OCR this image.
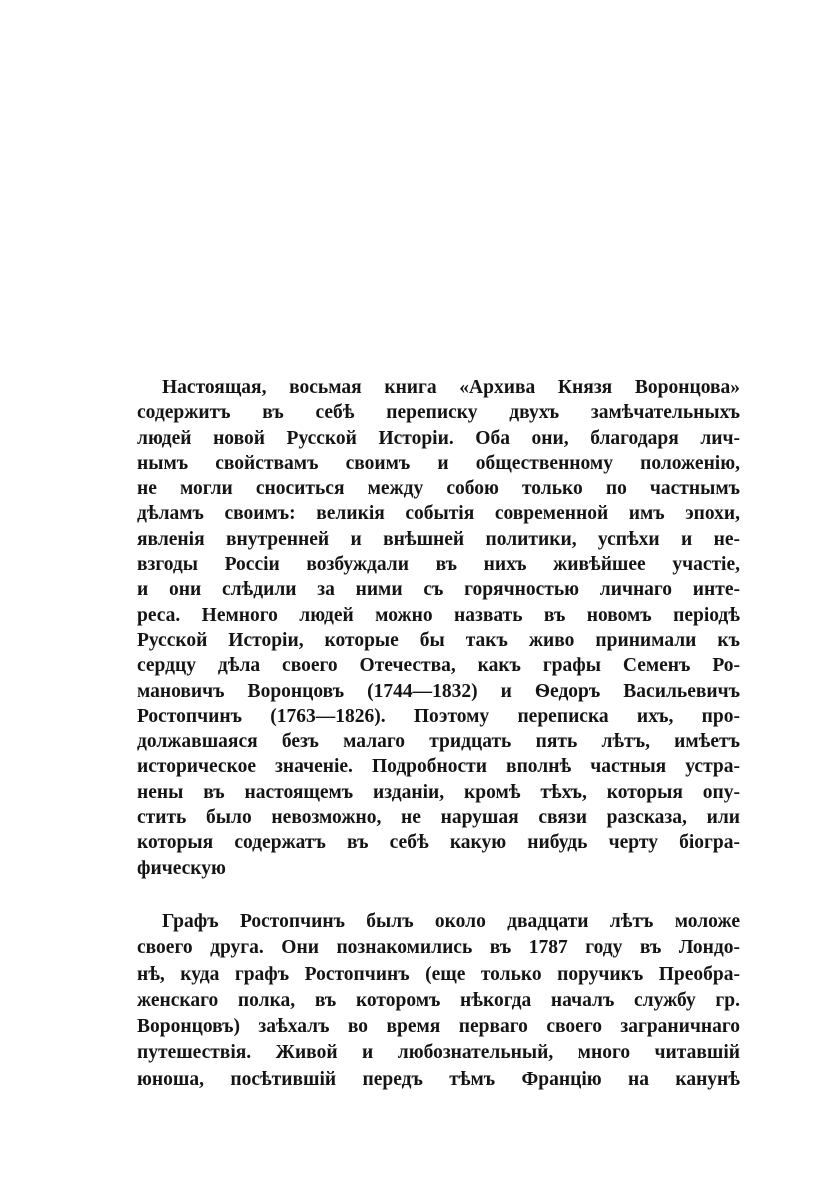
Настоящая, восьмая книга «Архива Князя Воронцова»
содержитъ въ себѣ переписку двухъ замѣчательныхъ
людей новой Русской Исторіи. Оба они, благодаря лич-
нымъ свойствамъ своимъ и общественному положенію,
не могли сноситься между собою только по частнымъ
дѣламъ своимъ: великія событія современной имъ эпохи,
явленія внутренней и внѣшней политики, успѣхи и не-
взгоды Россіи возбуждали въ нихъ живѣйшее участіе,
и они слѣдили за ними съ горячностью личнаго инте-
реса. Немного людей можно назвать въ новомъ періодѣ
Русской Исторіи, которые бы такъ живо принимали къ
сердцу дѣла своего Отечества, какъ графы Семенъ Ро-
мановичъ Воронцовъ (1744—1832) и Ѳедоръ Васильевичъ
Ростопчинъ (1763—1826). Поэтому переписка ихъ, про-
должавшаяся безъ малаго тридцать пять лѣтъ, имѣетъ
историческое значеніе. Подробности вполнѣ частныя устра-
нены въ настоящемъ изданіи, кромѣ тѣхъ, которыя опу-
стить было невозможно, не нарушая связи разсказа, или
которыя содержатъ въ себѣ какую нибудь черту біогра-
фическую
Графъ Ростопчинъ былъ около двадцати лѣтъ моложе
своего друга. Они познакомились въ 1787 году въ Лондо-
нѣ, куда графъ Ростопчинъ (еще только поручикъ Преобра-
женскаго полка, въ которомъ нѣкогда началъ службу гр.
Воронцовъ) заѣхалъ во время перваго своего заграничнаго
путешествія. Живой и любознательный, много читавшій
юноша, посѣтившій передъ тѣмъ Францію на канунѣ
